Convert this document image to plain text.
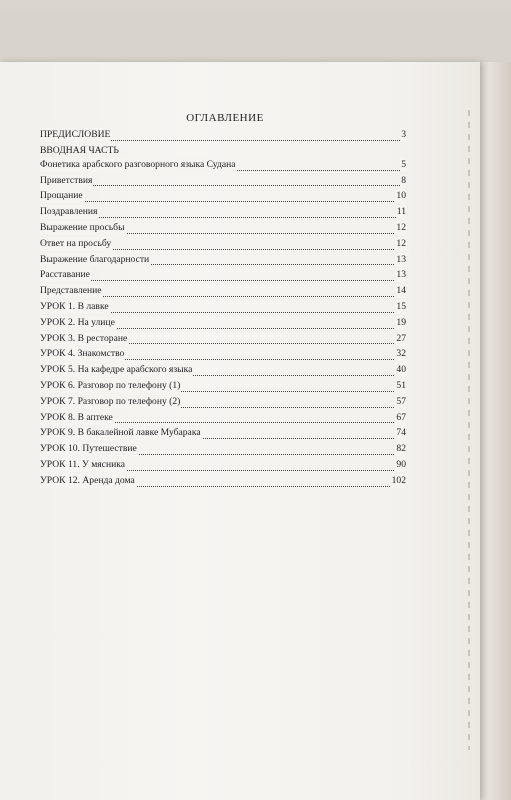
ОГЛАВЛЕНИЕ
ПРЕДИСЛОВИЕ	3
ВВОДНАЯ ЧАСТЬ
Фонетика арабского разговорного языка Судана	5
Приветствия	8
Прощание	10
Поздравления	11
Выражение просьбы	12
Ответ на просьбу	12
Выражение благодарности	13
Расставание	13
Представление	14
УРОК 1. В лавке	15
УРОК 2. На улице	19
УРОК 3. В ресторане	27
УРОК 4. Знакомство	32
УРОК 5. На кафедре арабского языка	40
УРОК 6. Разговор по телефону (1)	51
УРОК 7. Разговор по телефону (2)	57
УРОК 8. В аптеке	67
УРОК 9. В бакалейной лавке Мубарака	74
УРОК 10. Путешествие	82
УРОК 11. У мясника	90
УРОК 12. Аренда дома	102
